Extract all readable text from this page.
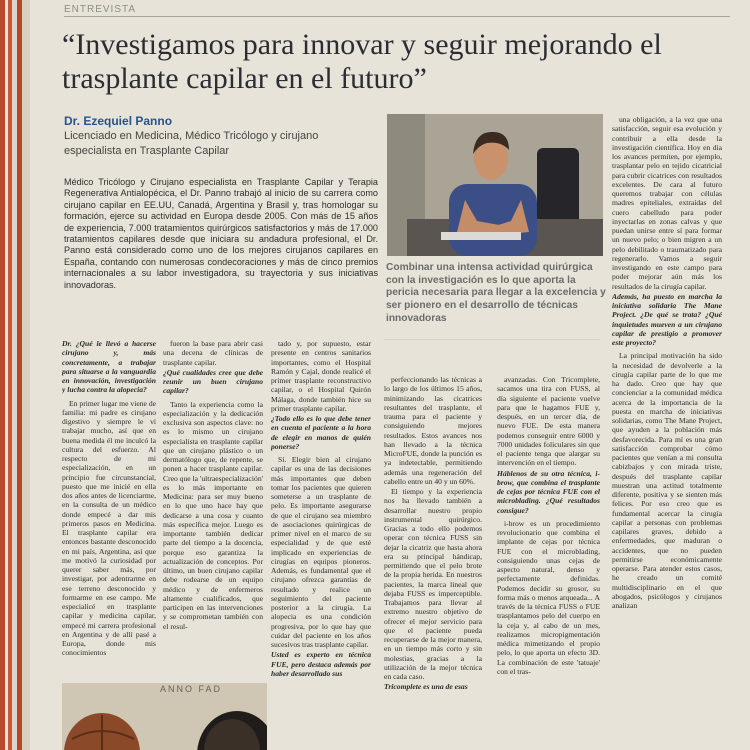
ENTREVISTA
“Investigamos para innovar y seguir mejorando el trasplante capilar en el futuro”
Dr. Ezequiel Panno
Licenciado en Medicina, Médico Tricólogo y cirujano especialista en Trasplante Capilar

Médico Tricólogo y Cirujano especialista en Trasplante Capilar y Terapia Regenerativa Antialopécica, el Dr. Panno trabajó al inicio de su carrera como cirujano capilar en EE.UU, Canadá, Argentina y Brasil y, tras homologar su formación, ejerce su actividad en Europa desde 2005. Con más de 15 años de experiencia, 7.000 tratamientos quirúrgicos satisfactorios y más de 17.000 tratamientos capilares desde que iniciara su andadura profesional, el Dr. Panno está considerado como uno de los mejores cirujanos capilares en España, contando con numerosas condecoraciones y más de cinco premios internacionales a su labor investigadora, su trayectoria y sus iniciativas innovadoras.

Combinar una intensa actividad quirúrgica con la investigación es lo que aporta la pericia necesaria para llegar a la excelencia y ser pionero en el desarrollo de técnicas innovadoras

Dr. ¿Qué le llevó a hacerse cirujano y, más concretamente, a trabajar para situarse a la vanguardia en innovación, investigación y lucha contra la alopecia?

En primer lugar me viene de familia: mi padre es cirujano digestivo y siempre le vi trabajar mucho, así que en buena medida él me inculcó la cultura del esfuerzo. Al respecto de mi especialización, en un principio fue circunstancial, puesto que me inicié en ella dos años antes de licenciarme, en la consulta de un médico donde empecé a dar mis primeros pasos en Medicina. El trasplante capilar era entonces bastante desconocido en mi país, Argentina, así que me motivó la curiosidad por querer saber más, por investigar, por adentrarme en ese terreno desconocido y formarme en ese campo. Me especialicé en trasplante capilar y medicina capilar, empecé mi carrera profesional en Argentina y de allí pasé a Europa, donde mis conocimientos

fueron la base para abrir casi una decena de clínicas de trasplante capilar.

¿Qué cualidades cree que debe reunir un buen cirujano capilar?

Tanto la experiencia como la especialización y la dedicación exclusiva son aspectos clave: no es lo mismo un cirujano especialista en trasplante capilar que un cirujano plástico o un dermatólogo que, de repente, se ponen a hacer trasplante capilar. Creo que la 'ultraespecialización' es lo más importante en Medicina: para ser muy bueno en lo que uno hace hay que dedicarse a una cosa y cuanto más específica mejor. Luego es importante también dedicar parte del tiempo a la docencia, porque eso garantiza la actualización de conceptos. Por último, un buen cirujano capilar debe rodearse de un equipo médico y de enfermeros altamente cualificados, que participen en las intervenciones y se comprometan también con el resul-

tado y, por supuesto, estar presente en centros sanitarios importantes, como el Hospital Ramón y Cajal, donde realicé el primer trasplante reconstructivo capilar, o el Hospital Quirón Málaga, donde también hice su primer trasplante capilar.

¿Todo ello es lo que debe tener en cuenta el paciente a la hora de elegir en manos de quién ponerse?

Sí. Elegir bien al cirujano capilar es una de las decisiones más importantes que deben tomar los pacientes que quieren someterse a un trasplante de pelo. Es importante asegurarse de que el cirujano sea miembro de asociaciones quirúrgicas de primer nivel en el marco de su especialidad y de que esté implicado en experiencias de cirugías en equipos pioneros. Además, es fundamental que el cirujano ofrezca garantías de resultado y realice un seguimiento del paciente posterior a la cirugía. La alopecia es una condición progresiva, por lo que hay que cuidar del paciente en los años sucesivos tras trasplante capilar.

Usted es experto en técnica FUE, pero destaca además por haber desarrollado sus

perfeccionando las técnicas a lo largo de los últimos 15 años, minimizando las cicatrices resultantes del trasplante, el trauma para el paciente y consiguiendo mejores resultados. Estos avances nos han llevado a la técnica MicroFUE, donde la punción es ya indetectable, permitiendo además una regeneración del cabello entre un 40 y un 60%.

El tiempo y la experiencia nos ha llevado también a desarrollar nuestro propio instrumental quirúrgico. Gracias a todo ello podemos operar con técnica FUSS sin dejar la cicatriz que hasta ahora era su principal hándicap, permitiendo que el pelo brote de la propia herida. En nuestros pacientes, la marca lineal que dejaba FUSS es imperceptible. Trabajamos para llevar al extremo nuestro objetivo de ofrecer el mejor servicio para que el paciente pueda recuperarse de la mejor manera, en un tiempo más corto y sin molestias, gracias a la utilización de la mejor técnica en cada caso.

Tricomplete es una de esas

avanzadas. Con Tricomplete, sacamos una tira con FUSS, al día siguiente el paciente vuelve para que le hagamos FUE y, después, en un tercer día, de nuevo FUE. De esta manera podemos conseguir entre 6000 y 7000 unidades foliculares sin que el paciente tenga que alargar su intervención en el tiempo.

Háblenos de su otra técnica, i-brow, que combina el trasplante de cejas por técnica FUE con el microblading. ¿Qué resultados consigue?

i-brow es un procedimiento revolucionario que combina el implante de cejas por técnica FUE con el microblading, consiguiendo unas cejas de aspecto natural, denso y perfectamente definidas. Podemos decidir su grosor, su forma más o menos arqueada... A través de la técnica FUSS o FUE trasplantamos pelo del cuerpo en la ceja y, al cabo de un mes, realizamos micropigmentación médica mimetizando el propio pelo, lo que aporta un efecto 3D. La combinación de este 'tatuaje' con el tras-

una obligación, a la vez que una satisfacción, seguir esa evolución y contribuir a ella desde la investigación científica. Hoy en día los avances permiten, por ejemplo, trasplantar pelo en tejido cicatricial para cubrir cicatrices con resultados excelentes. De cara al futuro queremos trabajar con células madres epiteliales, extraídas del cuero cabelludo para poder inyectarlas en zonas calvas y que puedan unirse entre sí para formar un nuevo pelo; o bien migren a un pelo debilitado o traumatizado para regenerarlo. Vamos a seguir investigando en este campo para poder mejorar aún más los resultados de la cirugía capilar.

Además, ha puesto en marcha la iniciativa solidaria The Mane Project. ¿De qué se trata? ¿Qué inquietudes mueven a un cirujano capilar de prestigio a promover este proyecto?

La principal motivación ha sido la necesidad de devolverle a la cirugía capilar parte de lo que me ha dado. Creo que hay que concienciar a la comunidad médica acerca de la importancia de la puesta en marcha de iniciativas solidarias, como The Mane Project, que ayuden a la población más desfavorecida. Para mí es una gran satisfacción comprobar cómo pacientes que venían a mi consulta cabizbajos y con mirada triste, después del trasplante capilar muestran una actitud totalmente diferente, positiva y se sienten más felices. Por eso creo que es fundamental acercar la cirugía capilar a personas con problemas capilares graves, debido a enfermedades, que maduran o accidentes, que no pueden permitirse económicamente operarse. Para atender estos casos, he creado un comité multidisciplinario en el que abogados, psicólogos y cirujanos analizan

ANNO FAD
